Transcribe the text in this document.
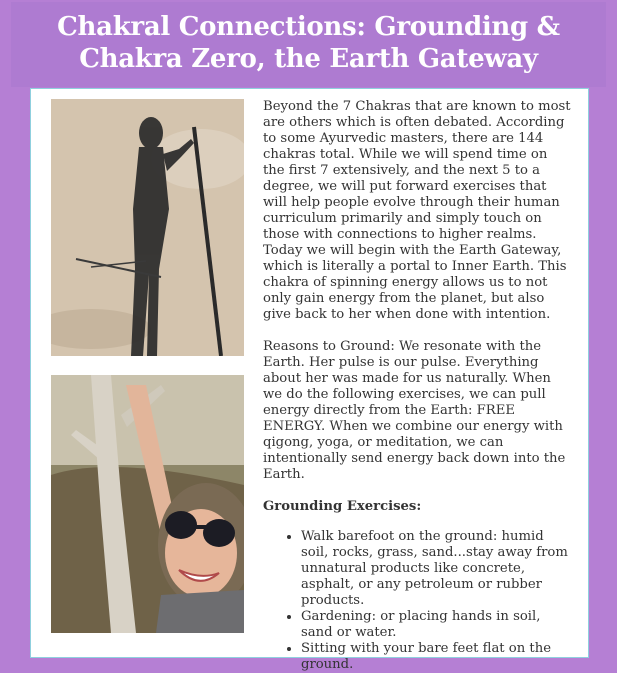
Chakral Connections: Grounding &
Chakra Zero, the Earth Gateway

Beyond the 7 Chakras that are known to most are others which is often debated. According to some Ayurvedic masters, there are 144 chakras total. While we will spend time on the first 7 extensively, and the next 5 to a degree, we will put forward exercises that will help people evolve through their human curriculum primarily and simply touch on those with connections to higher realms. Today we will begin with the Earth Gateway, which is literally a portal to Inner Earth. This chakra of spinning energy allows us to not only gain energy from the planet, but also give back to her when done with intention.

Reasons to Ground: We resonate with the Earth. Her pulse is our pulse. Everything about her was made for us naturally. When we do the following exercises, we can pull energy directly from the Earth: FREE ENERGY. When we combine our energy with qigong, yoga, or meditation, we can intentionally send energy back down into the Earth.

Grounding Exercises:
• Walk barefoot on the ground: humid soil, rocks, grass, sand...stay away from unnatural products like concrete, asphalt, or any petroleum or rubber products.
• Gardening: or placing hands in soil, sand or water.
• Sitting with your bare feet flat on the ground.
